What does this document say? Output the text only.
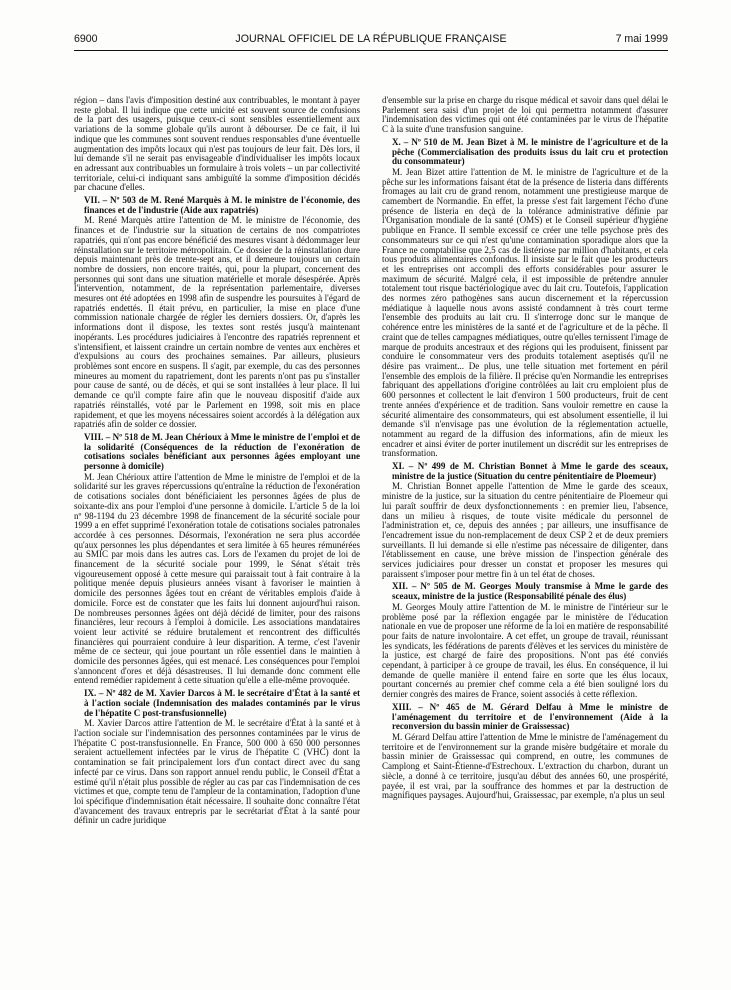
6900	JOURNAL OFFICIEL DE LA RÉPUBLIQUE FRANÇAISE	7 mai 1999

région – dans l'avis d'imposition destiné aux contribuables, le montant à payer reste global. Il lui indique que cette unicité est souvent source de confusions de la part des usagers, puisque ceux-ci sont sensibles essentiellement aux variations de la somme globale qu'ils auront à débourser. De ce fait, il lui indique que les communes sont souvent rendues responsables d'une éventuelle augmentation des impôts locaux qui n'est pas toujours de leur fait. Dès lors, il lui demande s'il ne serait pas envisageable d'individualiser les impôts locaux en adressant aux contribuables un formulaire à trois volets – un par collectivité territoriale, celui-ci indiquant sans ambiguïté la somme d'imposition décidés par chacune d'elles.

VII. – Nº 503 de M. René Marquès à M. le ministre de l'économie, des finances et de l'industrie (Aide aux rapatriés)

M. René Marquès attire l'attention de M. le ministre de l'économie, des finances et de l'industrie sur la situation de certains de nos compatriotes rapatriés, qui n'ont pas encore bénéficié des mesures visant à dédommager leur réinstallation sur le territoire métropolitain. Ce dossier de la réinstallation dure depuis maintenant près de trente-sept ans, et il demeure toujours un certain nombre de dossiers, non encore traités, qui, pour la plupart, concernent des personnes qui sont dans une situation matérielle et morale désespérée. Après l'intervention, notamment, de la représentation parlementaire, diverses mesures ont été adoptées en 1998 afin de suspendre les poursuites à l'égard de rapatriés endettés. Il était prévu, en particulier, la mise en place d'une commission nationale chargée de régler les derniers dossiers. Or, d'après les informations dont il dispose, les textes sont restés jusqu'à maintenant inopérants. Les procédures judiciaires à l'encontre des rapatriés reprennent et s'intensifient, et laissent craindre un certain nombre de ventes aux enchères et d'expulsions au cours des prochaines semaines. Par ailleurs, plusieurs problèmes sont encore en suspens. Il s'agit, par exemple, du cas des personnes mineures au moment du rapatriement, dont les parents n'ont pas pu s'installer pour cause de santé, ou de décès, et qui se sont installées à leur place. Il lui demande ce qu'il compte faire afin que le nouveau dispositif d'aide aux rapatriés réinstallés, voté par le Parlement en 1998, soit mis en place rapidement, et que les moyens nécessaires soient accordés à la délégation aux rapatriés afin de solder ce dossier.

VIII. – Nº 518 de M. Jean Chérioux à Mme le ministre de l'emploi et de la solidarité (Conséquences de la réduction de l'exonération de cotisations sociales bénéficiant aux personnes âgées employant une personne à domicile)

M. Jean Chérioux attire l'attention de Mme le ministre de l'emploi et de la solidarité sur les graves répercussions qu'entraîne la réduction de l'exonération de cotisations sociales dont bénéficiaient les personnes âgées de plus de soixante-dix ans pour l'emploi d'une personne à domicile. L'article 5 de la loi nº 98-1194 du 23 décembre 1998 de financement de la sécurité sociale pour 1999 a en effet supprimé l'exonération totale de cotisations sociales patronales accordée à ces personnes. Désormais, l'exonération ne sera plus accordée qu'aux personnes les plus dépendantes et sera limitée à 65 heures rémunérées au SMIC par mois dans les autres cas. Lors de l'examen du projet de loi de financement de la sécurité sociale pour 1999, le Sénat s'était très vigoureusement opposé à cette mesure qui paraissait tout à fait contraire à la politique menée depuis plusieurs années visant à favoriser le maintien à domicile des personnes âgées tout en créant de véritables emplois d'aide à domicile. Force est de constater que les faits lui donnent aujourd'hui raison. De nombreuses personnes âgées ont déjà décidé de limiter, pour des raisons financières, leur recours à l'emploi à domicile. Les associations mandataires voient leur activité se réduire brutalement et rencontrent des difficultés financières qui pourraient conduire à leur disparition. A terme, c'est l'avenir même de ce secteur, qui joue pourtant un rôle essentiel dans le maintien à domicile des personnes âgées, qui est menacé. Les conséquences pour l'emploi s'annoncent d'ores et déjà désastreuses. Il lui demande donc comment elle entend remédier rapidement à cette situation qu'elle a elle-même provoquée.

IX. – Nº 482 de M. Xavier Darcos à M. le secrétaire d'État à la santé et à l'action sociale (Indemnisation des malades contaminés par le virus de l'hépatite C post-transfusionnelle)

M. Xavier Darcos attire l'attention de M. le secrétaire d'État à la santé et à l'action sociale sur l'indemnisation des personnes contaminées par le virus de l'hépatite C post-transfusionnelle. En France, 500 000 à 650 000 personnes seraient actuellement infectées par le virus de l'hépatite C (VHC) dont la contamination se fait principalement lors d'un contact direct avec du sang infecté par ce virus. Dans son rapport annuel rendu public, le Conseil d'État a estimé qu'il n'était plus possible de régler au cas par cas l'indemnisation de ces victimes et que, compte tenu de l'ampleur de la contamination, l'adoption d'une loi spécifique d'indemnisation était nécessaire. Il souhaite donc connaître l'état d'avancement des travaux entrepris par le secrétariat d'État à la santé pour définir un cadre juridique

d'ensemble sur la prise en charge du risque médical et savoir dans quel délai le Parlement sera saisi d'un projet de loi qui permettra notamment d'assurer l'indemnisation des victimes qui ont été contaminées par le virus de l'hépatite C à la suite d'une transfusion sanguine.

X. – Nº 510 de M. Jean Bizet à M. le ministre de l'agriculture et de la pêche (Commercialisation des produits issus du lait cru et protection du consommateur)

M. Jean Bizet attire l'attention de M. le ministre de l'agriculture et de la pêche sur les informations faisant état de la présence de listeria dans différents fromages au lait cru de grand renom, notamment une prestigieuse marque de camembert de Normandie. En effet, la presse s'est fait largement l'écho d'une présence de listeria en deçà de la tolérance administrative définie par l'Organisation mondiale de la santé (OMS) et le Conseil supérieur d'hygiène publique en France. Il semble excessif ce créer une telle psychose près des consommateurs sur ce qui n'est qu'une contamination sporadique alors que la France ne comptabilise que 2,5 cas de listériose par million d'habitants, et cela tous produits alimentaires confondus. Il insiste sur le fait que les producteurs et les entreprises ont accompli des efforts considérables pour assurer le maximum de sécurité. Malgré cela, il est impossible de prétendre annuler totalement tout risque bactériologique avec du lait cru. Toutefois, l'application des normes zéro pathogènes sans aucun discernement et la répercussion médiatique à laquelle nous avons assisté condamnent à très court terme l'ensemble des produits au lait cru. Il s'interroge donc sur le manque de cohérence entre les ministères de la santé et de l'agriculture et de la pêche. Il craint que de telles campagnes médiatiques, outre qu'elles ternissent l'image de marque de produits ancestraux et des régions qui les produisent, finissent par conduire le consommateur vers des produits totalement aseptisés qu'il ne désire pas vraiment... De plus, une telle situation met fortement en péril l'ensemble des emplois de la filière. Il précise qu'en Normandie les entreprises fabriquant des appellations d'origine contrôlées au lait cru emploient plus de 600 personnes et collectent le lait d'environ 1 500 producteurs, fruit de cent trente années d'expérience et de tradition. Sans vouloir remettre en cause la sécurité alimentaire des consommateurs, qui est absolument essentielle, il lui demande s'il n'envisage pas une évolution de la réglementation actuelle, notamment au regard de la diffusion des informations, afin de mieux les encadrer et ainsi éviter de porter inutilement un discrédit sur les entreprises de transformation.

XI. – Nº 499 de M. Christian Bonnet à Mme le garde des sceaux, ministre de la justice (Situation du centre pénitentiaire de Ploemeur)

M. Christian Bonnet appelle l'attention de Mme le garde des sceaux, ministre de la justice, sur la situation du centre pénitentiaire de Ploemeur qui lui paraît souffrir de deux dysfonctionnements : en premier lieu, l'absence, dans un milieu à risques, de toute visite médicale du personnel de l'administration et, ce, depuis des années ; par ailleurs, une insuffisance de l'encadrement issue du non-remplacement de deux CSP 2 et de deux premiers surveillants. Il lui demande si elle n'estime pas nécessaire de diligenter, dans l'établissement en cause, une brève mission de l'inspection générale des services judiciaires pour dresser un constat et proposer les mesures qui paraissent s'imposer pour mettre fin à un tel état de choses.

XII. – Nº 505 de M. Georges Mouly transmise à Mme le garde des sceaux, ministre de la justice (Responsabilité pénale des élus)

M. Georges Mouly attire l'attention de M. le ministre de l'intérieur sur le problème posé par la réflexion engagée par le ministère de l'éducation nationale en vue de proposer une réforme de la loi en matière de responsabilité pour faits de nature involontaire. A cet effet, un groupe de travail, réunissant les syndicats, les fédérations de parents d'élèves et les services du ministère de la justice, est chargé de faire des propositions. N'ont pas été conviés cependant, à participer à ce groupe de travail, les élus. En conséquence, il lui demande de quelle manière il entend faire en sorte que les élus locaux, pourtant concernés au premier chef comme cela a été bien souligné lors du dernier congrès des maires de France, soient associés à cette réflexion.

XIII. – Nº 465 de M. Gérard Delfau à Mme le ministre de l'aménagement du territoire et de l'environnement (Aide à la reconversion du bassin minier de Graissessac)

M. Gérard Delfau attire l'attention de Mme le ministre de l'aménagement du territoire et de l'environnement sur la grande misère budgétaire et morale du bassin minier de Graissessac qui comprend, en outre, les communes de Camplong et Saint-Étienne-d'Estrechoux. L'extraction du charbon, durant un siècle, a donné à ce territoire, jusqu'au début des années 60, une prospérité, payée, il est vrai, par la souffrance des hommes et par la destruction de magnifiques paysages. Aujourd'hui, Graissessac, par exemple, n'a plus un seul
